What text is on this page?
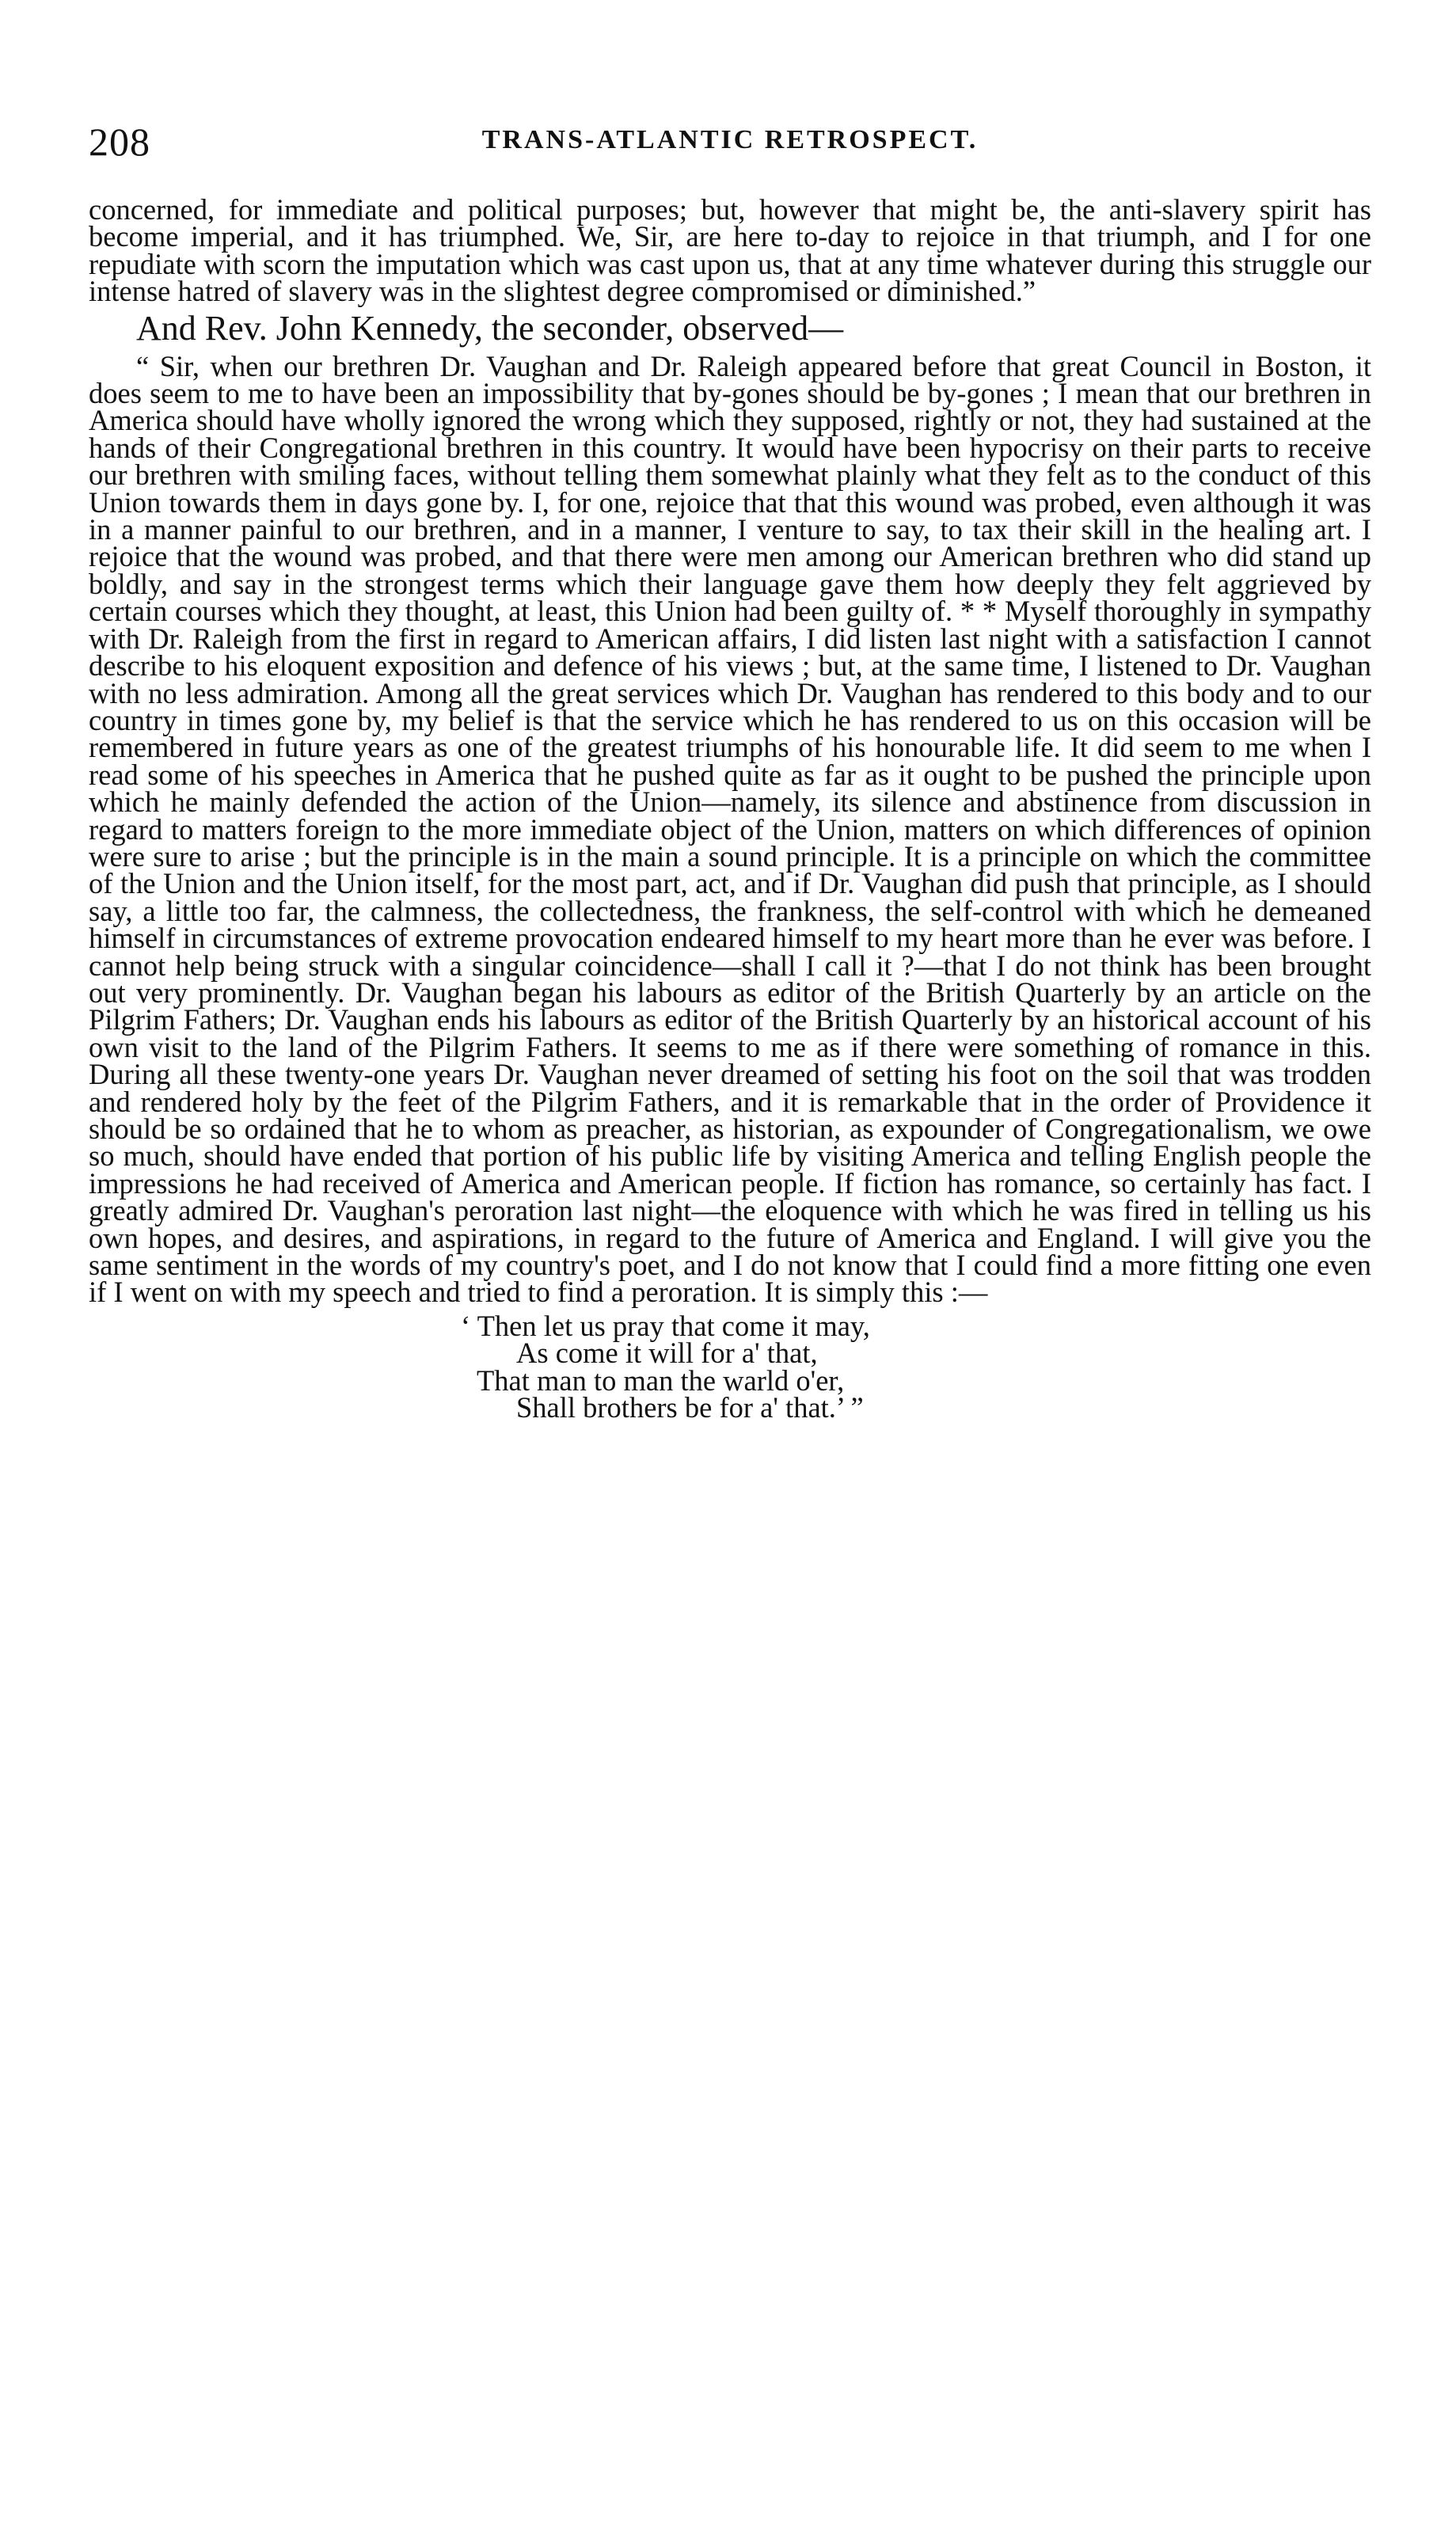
208	TRANS-ATLANTIC RETROSPECT.

concerned, for immediate and political purposes; but, however that might be, the anti-slavery spirit has become imperial, and it has triumphed. We, Sir, are here to-day to rejoice in that triumph, and I for one repudiate with scorn the imputation which was cast upon us, that at any time whatever during this struggle our intense hatred of slavery was in the slightest degree compromised or diminished.”

And Rev. John Kennedy, the seconder, observed—

“ Sir, when our brethren Dr. Vaughan and Dr. Raleigh appeared before that great Council in Boston, it does seem to me to have been an impossibility that by-gones should be by-gones ; I mean that our brethren in America should have wholly ignored the wrong which they supposed, rightly or not, they had sustained at the hands of their Congregational brethren in this country. It would have been hypocrisy on their parts to receive our brethren with smiling faces, without telling them somewhat plainly what they felt as to the conduct of this Union towards them in days gone by. I, for one, rejoice that that this wound was probed, even although it was in a manner painful to our brethren, and in a manner, I venture to say, to tax their skill in the healing art. I rejoice that the wound was probed, and that there were men among our American brethren who did stand up boldly, and say in the strongest terms which their language gave them how deeply they felt aggrieved by certain courses which they thought, at least, this Union had been guilty of. * * Myself thoroughly in sympathy with Dr. Raleigh from the first in regard to American affairs, I did listen last night with a satisfaction I cannot describe to his eloquent exposition and defence of his views ; but, at the same time, I listened to Dr. Vaughan with no less admiration. Among all the great services which Dr. Vaughan has rendered to this body and to our country in times gone by, my belief is that the service which he has rendered to us on this occasion will be remembered in future years as one of the greatest triumphs of his honourable life. It did seem to me when I read some of his speeches in America that he pushed quite as far as it ought to be pushed the principle upon which he mainly defended the action of the Union—namely, its silence and abstinence from discussion in regard to matters foreign to the more immediate object of the Union, matters on which differences of opinion were sure to arise ; but the principle is in the main a sound principle. It is a principle on which the committee of the Union and the Union itself, for the most part, act, and if Dr. Vaughan did push that principle, as I should say, a little too far, the calmness, the collectedness, the frankness, the self-control with which he demeaned himself in circumstances of extreme provocation endeared himself to my heart more than he ever was before. I cannot help being struck with a singular coincidence—shall I call it ?—that I do not think has been brought out very prominently. Dr. Vaughan began his labours as editor of the British Quarterly by an article on the Pilgrim Fathers; Dr. Vaughan ends his labours as editor of the British Quarterly by an historical account of his own visit to the land of the Pilgrim Fathers. It seems to me as if there were something of romance in this. During all these twenty-one years Dr. Vaughan never dreamed of setting his foot on the soil that was trodden and rendered holy by the feet of the Pilgrim Fathers, and it is remarkable that in the order of Providence it should be so ordained that he to whom as preacher, as historian, as expounder of Congregationalism, we owe so much, should have ended that portion of his public life by visiting America and telling English people the impressions he had received of America and American people. If fiction has romance, so certainly has fact. I greatly admired Dr. Vaughan's peroration last night—the eloquence with which he was fired in telling us his own hopes, and desires, and aspirations, in regard to the future of America and England. I will give you the same sentiment in the words of my country's poet, and I do not know that I could find a more fitting one even if I went on with my speech and tried to find a peroration. It is simply this :—

‘ Then let us pray that come it may,
As come it will for a' that,
That man to man the warld o'er,
Shall brothers be for a' that.’ ”
